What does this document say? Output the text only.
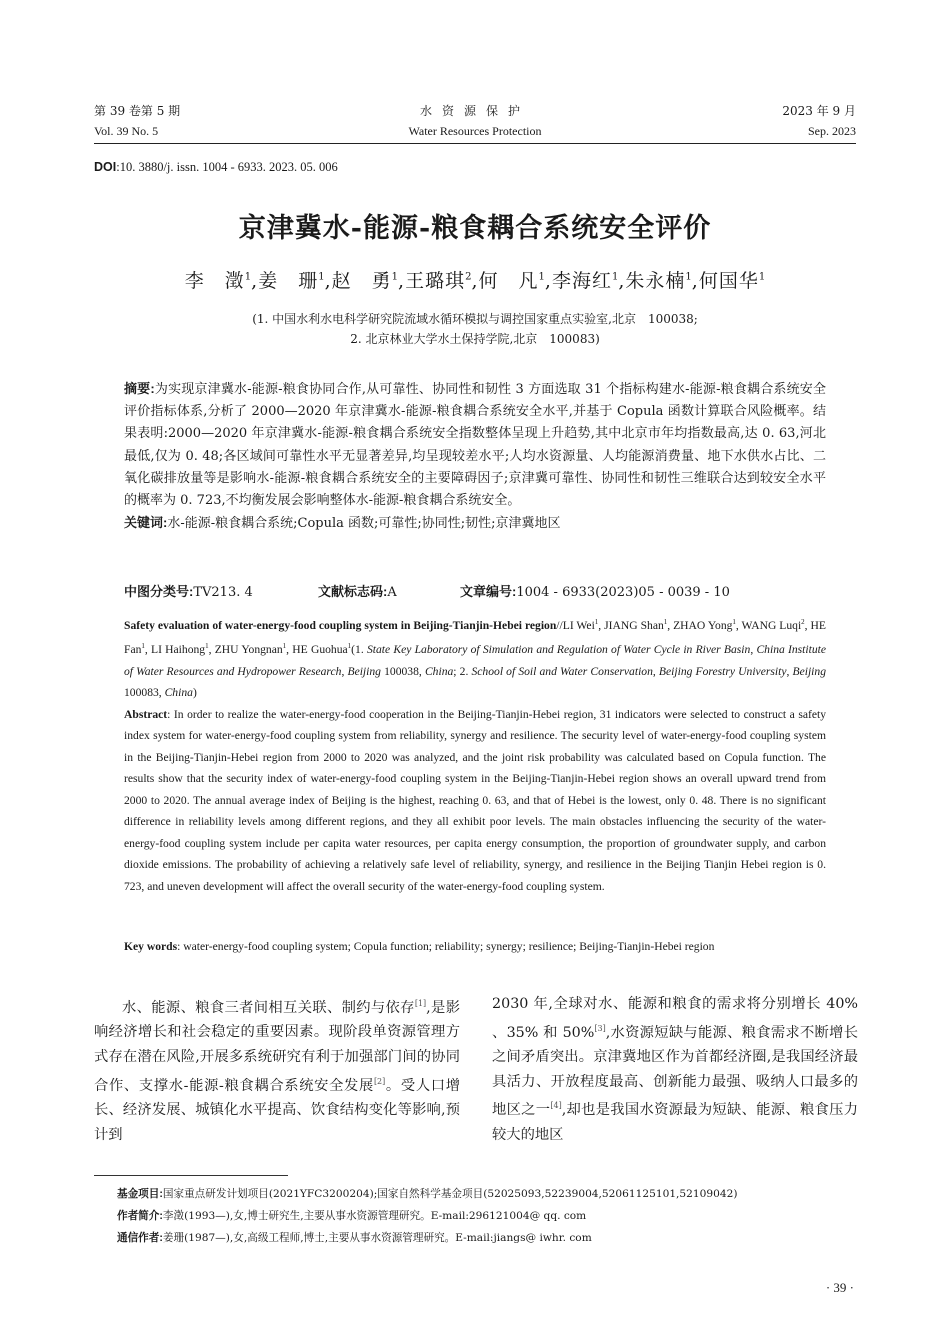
第 39 卷第 5 期
Vol. 39 No. 5
水资源保护
Water Resources Protection
2023 年 9 月
Sep. 2023
DOI:10. 3880/j. issn. 1004 - 6933. 2023. 05. 006
京津冀水-能源-粮食耦合系统安全评价
李　澂$^1$,姜　珊$^1$,赵　勇$^1$,王璐琪$^2$,何　凡$^1$,李海红$^1$,朱永楠$^1$,何国华$^1$
(1. 中国水利水电科学研究院流域水循环模拟与调控国家重点实验室,北京　100038;
2. 北京林业大学水土保持学院,北京　100083)
摘要:为实现京津冀水-能源-粮食协同合作,从可靠性、协同性和韧性 3 方面选取 31 个指标构建水-能源-粮食耦合系统安全评价指标体系,分析了 2000—2020 年京津冀水-能源-粮食耦合系统安全水平,并基于 Copula 函数计算联合风险概率。结果表明:2000—2020 年京津冀水-能源-粮食耦合系统安全指数整体呈现上升趋势,其中北京市年均指数最高,达 0. 63,河北最低,仅为 0. 48;各区域间可靠性水平无显著差异,均呈现较差水平;人均水资源量、人均能源消费量、地下水供水占比、二氧化碳排放量等是影响水-能源-粮食耦合系统安全的主要障碍因子;京津冀可靠性、协同性和韧性三维联合达到较安全水平的概率为 0. 723,不均衡发展会影响整体水-能源-粮食耦合系统安全。
关键词:水-能源-粮食耦合系统;Copula 函数;可靠性;协同性;韧性;京津冀地区
中图分类号:TV213. 4	文献标志码:A	文章编号:1004 - 6933(2023)05 - 0039 - 10
Safety evaluation of water-energy-food coupling system in Beijing-Tianjin-Hebei region//LI Wei$^1$, JIANG Shan$^1$, ZHAO Yong$^1$, WANG Luqi$^2$, HE Fan$^1$, LI Haihong$^1$, ZHU Yongnan$^1$, HE Guohua$^1$(1. State Key Laboratory of Simulation and Regulation of Water Cycle in River Basin, China Institute of Water Resources and Hydropower Research, Beijing 100038, China; 2. School of Soil and Water Conservation, Beijing Forestry University, Beijing 100083, China)
Abstract: In order to realize the water-energy-food cooperation in the Beijing-Tianjin-Hebei region, 31 indicators were selected to construct a safety index system for water-energy-food coupling system from reliability, synergy and resilience. The security level of water-energy-food coupling system in the Beijing-Tianjin-Hebei region from 2000 to 2020 was analyzed, and the joint risk probability was calculated based on Copula function. The results show that the security index of water-energy-food coupling system in the Beijing-Tianjin-Hebei region shows an overall upward trend from 2000 to 2020. The annual average index of Beijing is the highest, reaching 0. 63, and that of Hebei is the lowest, only 0. 48. There is no significant difference in reliability levels among different regions, and they all exhibit poor levels. The main obstacles influencing the security of the water-energy-food coupling system include per capita water resources, per capita energy consumption, the proportion of groundwater supply, and carbon dioxide emissions. The probability of achieving a relatively safe level of reliability, synergy, and resilience in the Beijing Tianjin Hebei region is 0. 723, and uneven development will affect the overall security of the water-energy-food coupling system.
Key words: water-energy-food coupling system; Copula function; reliability; synergy; resilience; Beijing-Tianjin-Hebei region
水、能源、粮食三者间相互关联、制约与依存[1],是影响经济增长和社会稳定的重要因素。现阶段单资源管理方式存在潜在风险,开展多系统研究有利于加强部门间的协同合作、支撑水-能源-粮食耦合系统安全发展[2]。受人口增长、经济发展、城镇化水平提高、饮食结构变化等影响,预计到
2030 年,全球对水、能源和粮食的需求将分别增长 40% 、35% 和 50%[3],水资源短缺与能源、粮食需求不断增长之间矛盾突出。京津冀地区作为首都经济圈,是我国经济最具活力、开放程度最高、创新能力最强、吸纳人口最多的地区之一[4],却也是我国水资源最为短缺、能源、粮食压力较大的地区
基金项目:国家重点研发计划项目(2021YFC3200204);国家自然科学基金项目(52025093,52239004,52061125101,52109042)
作者简介:李澂(1993—),女,博士研究生,主要从事水资源管理研究。E-mail:296121004@ qq. com
通信作者:姜珊(1987—),女,高级工程师,博士,主要从事水资源管理研究。E-mail:jiangs@ iwhr. com
· 39 ·
